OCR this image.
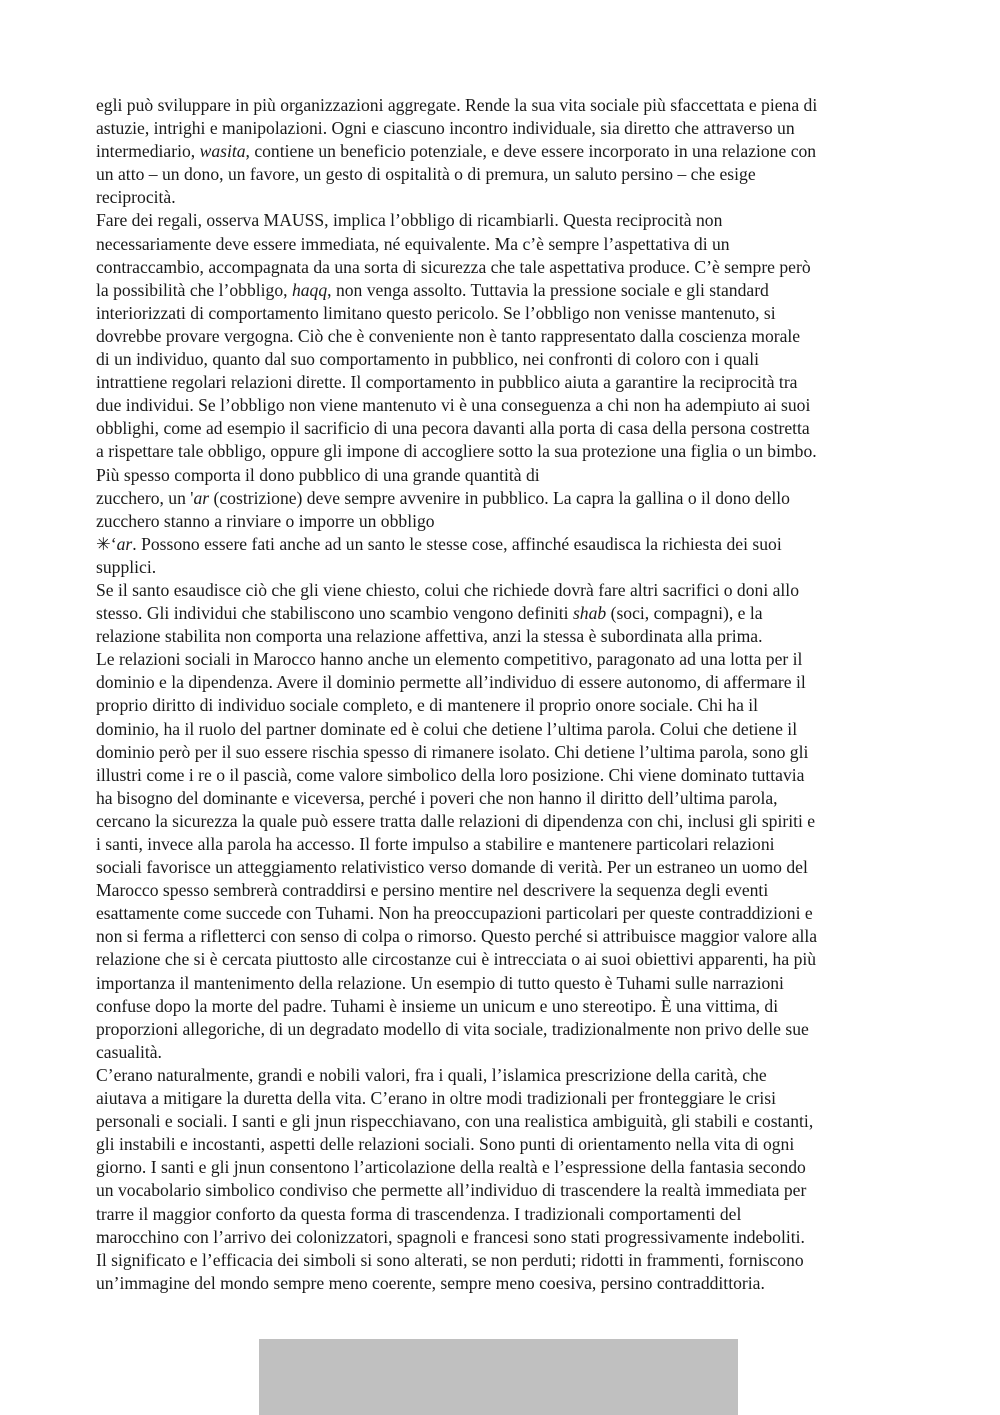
egli può sviluppare in più organizzazioni aggregate. Rende la sua vita sociale più sfaccettata e piena di
astuzie, intrighi e manipolazioni. Ogni e ciascuno incontro individuale, sia diretto che attraverso un
intermediario, wasita, contiene un beneficio potenziale, e deve essere incorporato in una relazione con
un atto – un dono, un favore, un gesto di ospitalità o di premura, un saluto persino – che esige
reciprocità.
Fare dei regali, osserva MAUSS, implica l’obbligo di ricambiarli. Questa reciprocità non
necessariamente deve essere immediata, né equivalente. Ma c’è sempre l’aspettativa di un
contraccambio, accompagnata da una sorta di sicurezza che tale aspettativa produce. C’è sempre però
la possibilità che l’obbligo, haqq, non venga assolto. Tuttavia la pressione sociale e gli standard
interiorizzati di comportamento limitano questo pericolo. Se l’obbligo non venisse mantenuto, si
dovrebbe provare vergogna. Ciò che è conveniente non è tanto rappresentato dalla coscienza morale
di un individuo, quanto dal suo comportamento in pubblico, nei confronti di coloro con i quali
intrattiene regolari relazioni dirette. Il comportamento in pubblico aiuta a garantire la reciprocità tra
due individui. Se l’obbligo non viene mantenuto vi è una conseguenza a chi non ha adempiuto ai suoi
obblighi, come ad esempio il sacrificio di una pecora davanti alla porta di casa della persona costretta
a rispettare tale obbligo, oppure gli impone di accogliere sotto la sua protezione una figlia o un bimbo.
Più spesso comporta il dono pubblico di una grande quantità di
zucchero, un 'ar (costrizione) deve sempre avvenire in pubblico. La capra la gallina o il dono dello
zucchero stanno a rinviare o imporre un obbligo
✳‘ar. Possono essere fati anche ad un santo le stesse cose, affinché esaudisca la richiesta dei suoi
supplici.
Se il santo esaudisce ciò che gli viene chiesto, colui che richiede dovrà fare altri sacrifici o doni allo
stesso. Gli individui che stabiliscono uno scambio vengono definiti shab (soci, compagni), e la
relazione stabilita non comporta una relazione affettiva, anzi la stessa è subordinata alla prima.
Le relazioni sociali in Marocco hanno anche un elemento competitivo, paragonato ad una lotta per il
dominio e la dipendenza. Avere il dominio permette all’individuo di essere autonomo, di affermare il
proprio diritto di individuo sociale completo, e di mantenere il proprio onore sociale. Chi ha il
dominio, ha il ruolo del partner dominate ed è colui che detiene l’ultima parola. Colui che detiene il
dominio però per il suo essere rischia spesso di rimanere isolato. Chi detiene l’ultima parola, sono gli
illustri come i re o il pascià, come valore simbolico della loro posizione. Chi viene dominato tuttavia
ha bisogno del dominante e viceversa, perché i poveri che non hanno il diritto dell’ultima parola,
cercano la sicurezza la quale può essere tratta dalle relazioni di dipendenza con chi, inclusi gli spiriti e
i santi, invece alla parola ha accesso. Il forte impulso a stabilire e mantenere particolari relazioni
sociali favorisce un atteggiamento relativistico verso domande di verità. Per un estraneo un uomo del
Marocco spesso sembrerà contraddirsi e persino mentire nel descrivere la sequenza degli eventi
esattamente come succede con Tuhami. Non ha preoccupazioni particolari per queste contraddizioni e
non si ferma a rifletterci con senso di colpa o rimorso. Questo perché si attribuisce maggior valore alla
relazione che si è cercata piuttosto alle circostanze cui è intrecciata o ai suoi obiettivi apparenti, ha più
importanza il mantenimento della relazione. Un esempio di tutto questo è Tuhami sulle narrazioni
confuse dopo la morte del padre. Tuhami è insieme un unicum e uno stereotipo. È una vittima, di
proporzioni allegoriche, di un degradato modello di vita sociale, tradizionalmente non privo delle sue
casualità.
C’erano naturalmente, grandi e nobili valori, fra i quali, l’islamica prescrizione della carità, che
aiutava a mitigare la duretta della vita. C’erano in oltre modi tradizionali per fronteggiare le crisi
personali e sociali. I santi e gli jnun rispecchiavano, con una realistica ambiguità, gli stabili e costanti,
gli instabili e incostanti, aspetti delle relazioni sociali. Sono punti di orientamento nella vita di ogni
giorno. I santi e gli jnun consentono l’articolazione della realtà e l’espressione della fantasia secondo
un vocabolario simbolico condiviso che permette all’individuo di trascendere la realtà immediata per
trarre il maggior conforto da questa forma di trascendenza. I tradizionali comportamenti del
marocchino con l’arrivo dei colonizzatori, spagnoli e francesi sono stati progressivamente indeboliti.
Il significato e l’efficacia dei simboli si sono alterati, se non perduti; ridotti in frammenti, forniscono
un’immagine del mondo sempre meno coerente, sempre meno coesiva, persino contraddittoria.
